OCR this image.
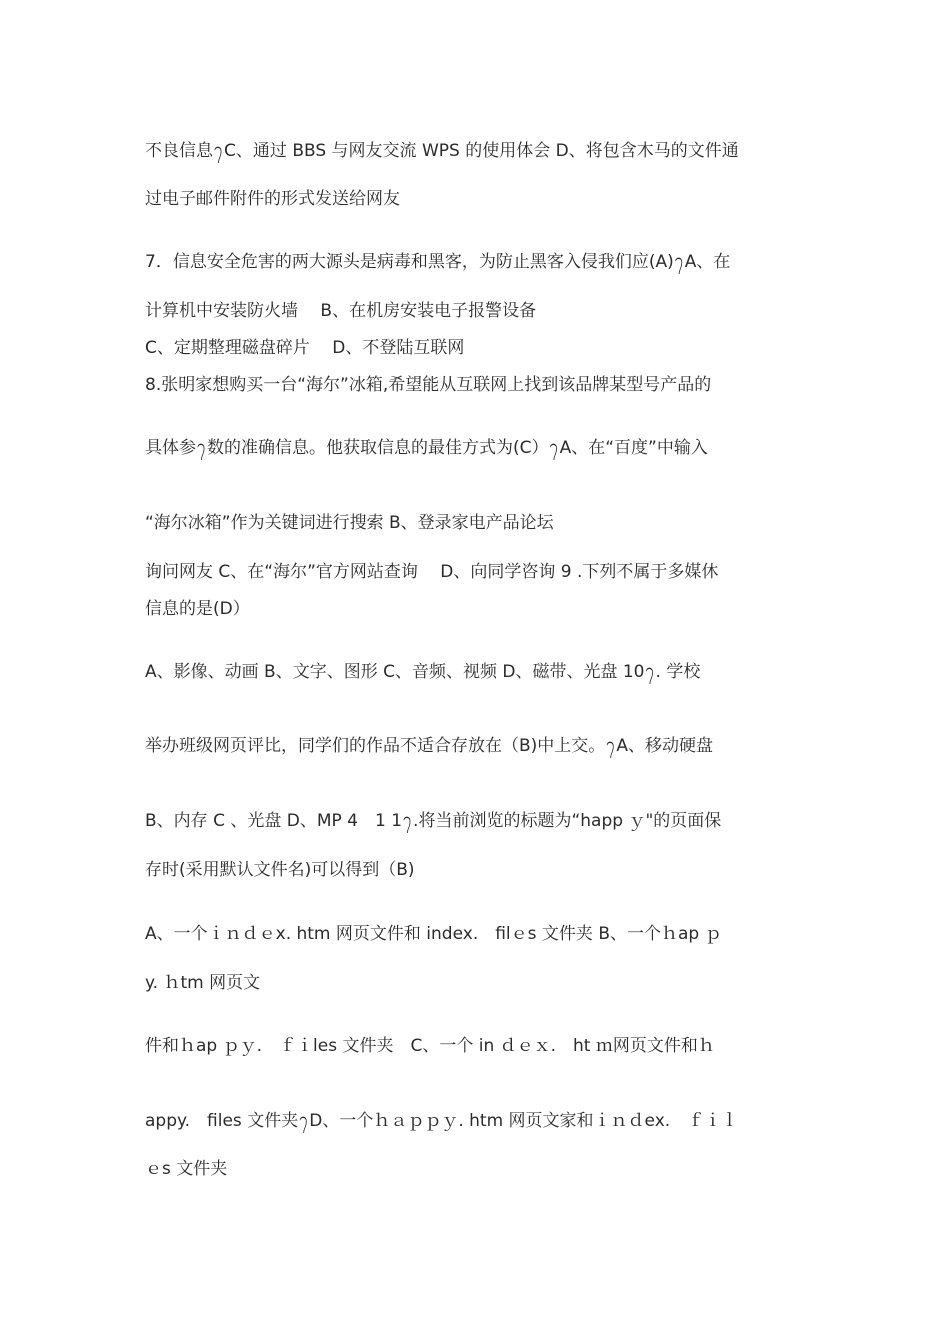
不良信息᭢C、通过 BBS 与网友交流 WPS 的使用体会 D、将包含木马的文件通
过电子邮件附件的形式发送给网友
7．信息安全危害的两大源头是病毒和黑客，为防止黑客入侵我们应(A)᭢A、在
计算机中安装防火墙　 B、在机房安装电子报警设备
C、定期整理磁盘碎片　 D、不登陆互联网
8.张明家想购买一台“海尔”冰箱,希望能从互联网上找到该品牌某型号产品的
具体参᭢数的准确信息。他获取信息的最佳方式为(C）᭢A、在“百度”中输入
“海尔冰箱”作为关键词进行搜索 B、登录家电产品论坛
询问网友 C、在“海尔”官方网站查询　 D、向同学咨询 9 .下列不属于多媒休
信息的是(D）
A、影像、动画 B、文字、图形 C、音频、视频 D、磁带、光盘 10᭢. 学校
举办班级网页评比，同学们的作品不适合存放在（B)中上交。᭢A、移动硬盘
B、内存 C 、光盘 D、MP 4　1 1᭢.将当前浏览的标题为“happ ｙ"的页面保
存时(采用默认文件名)可以得到（B)
A、一个ｉｎｄｅx. htm 网页文件和 index.　filｅs 文件夹 B、一个ｈap ｐ
y. ｈtm 网页文
件和ｈap ｐｙ.　ｆｉles 文件夹　C、一个 in ｄｅｘ.　ht ｍ网页文件和ｈ
appy.　files 文件夹᭢D、一个ｈａｐｐｙ. htm 网页文家和ｉｎｄex.　ｆｉｌ
ｅs 文件夹
